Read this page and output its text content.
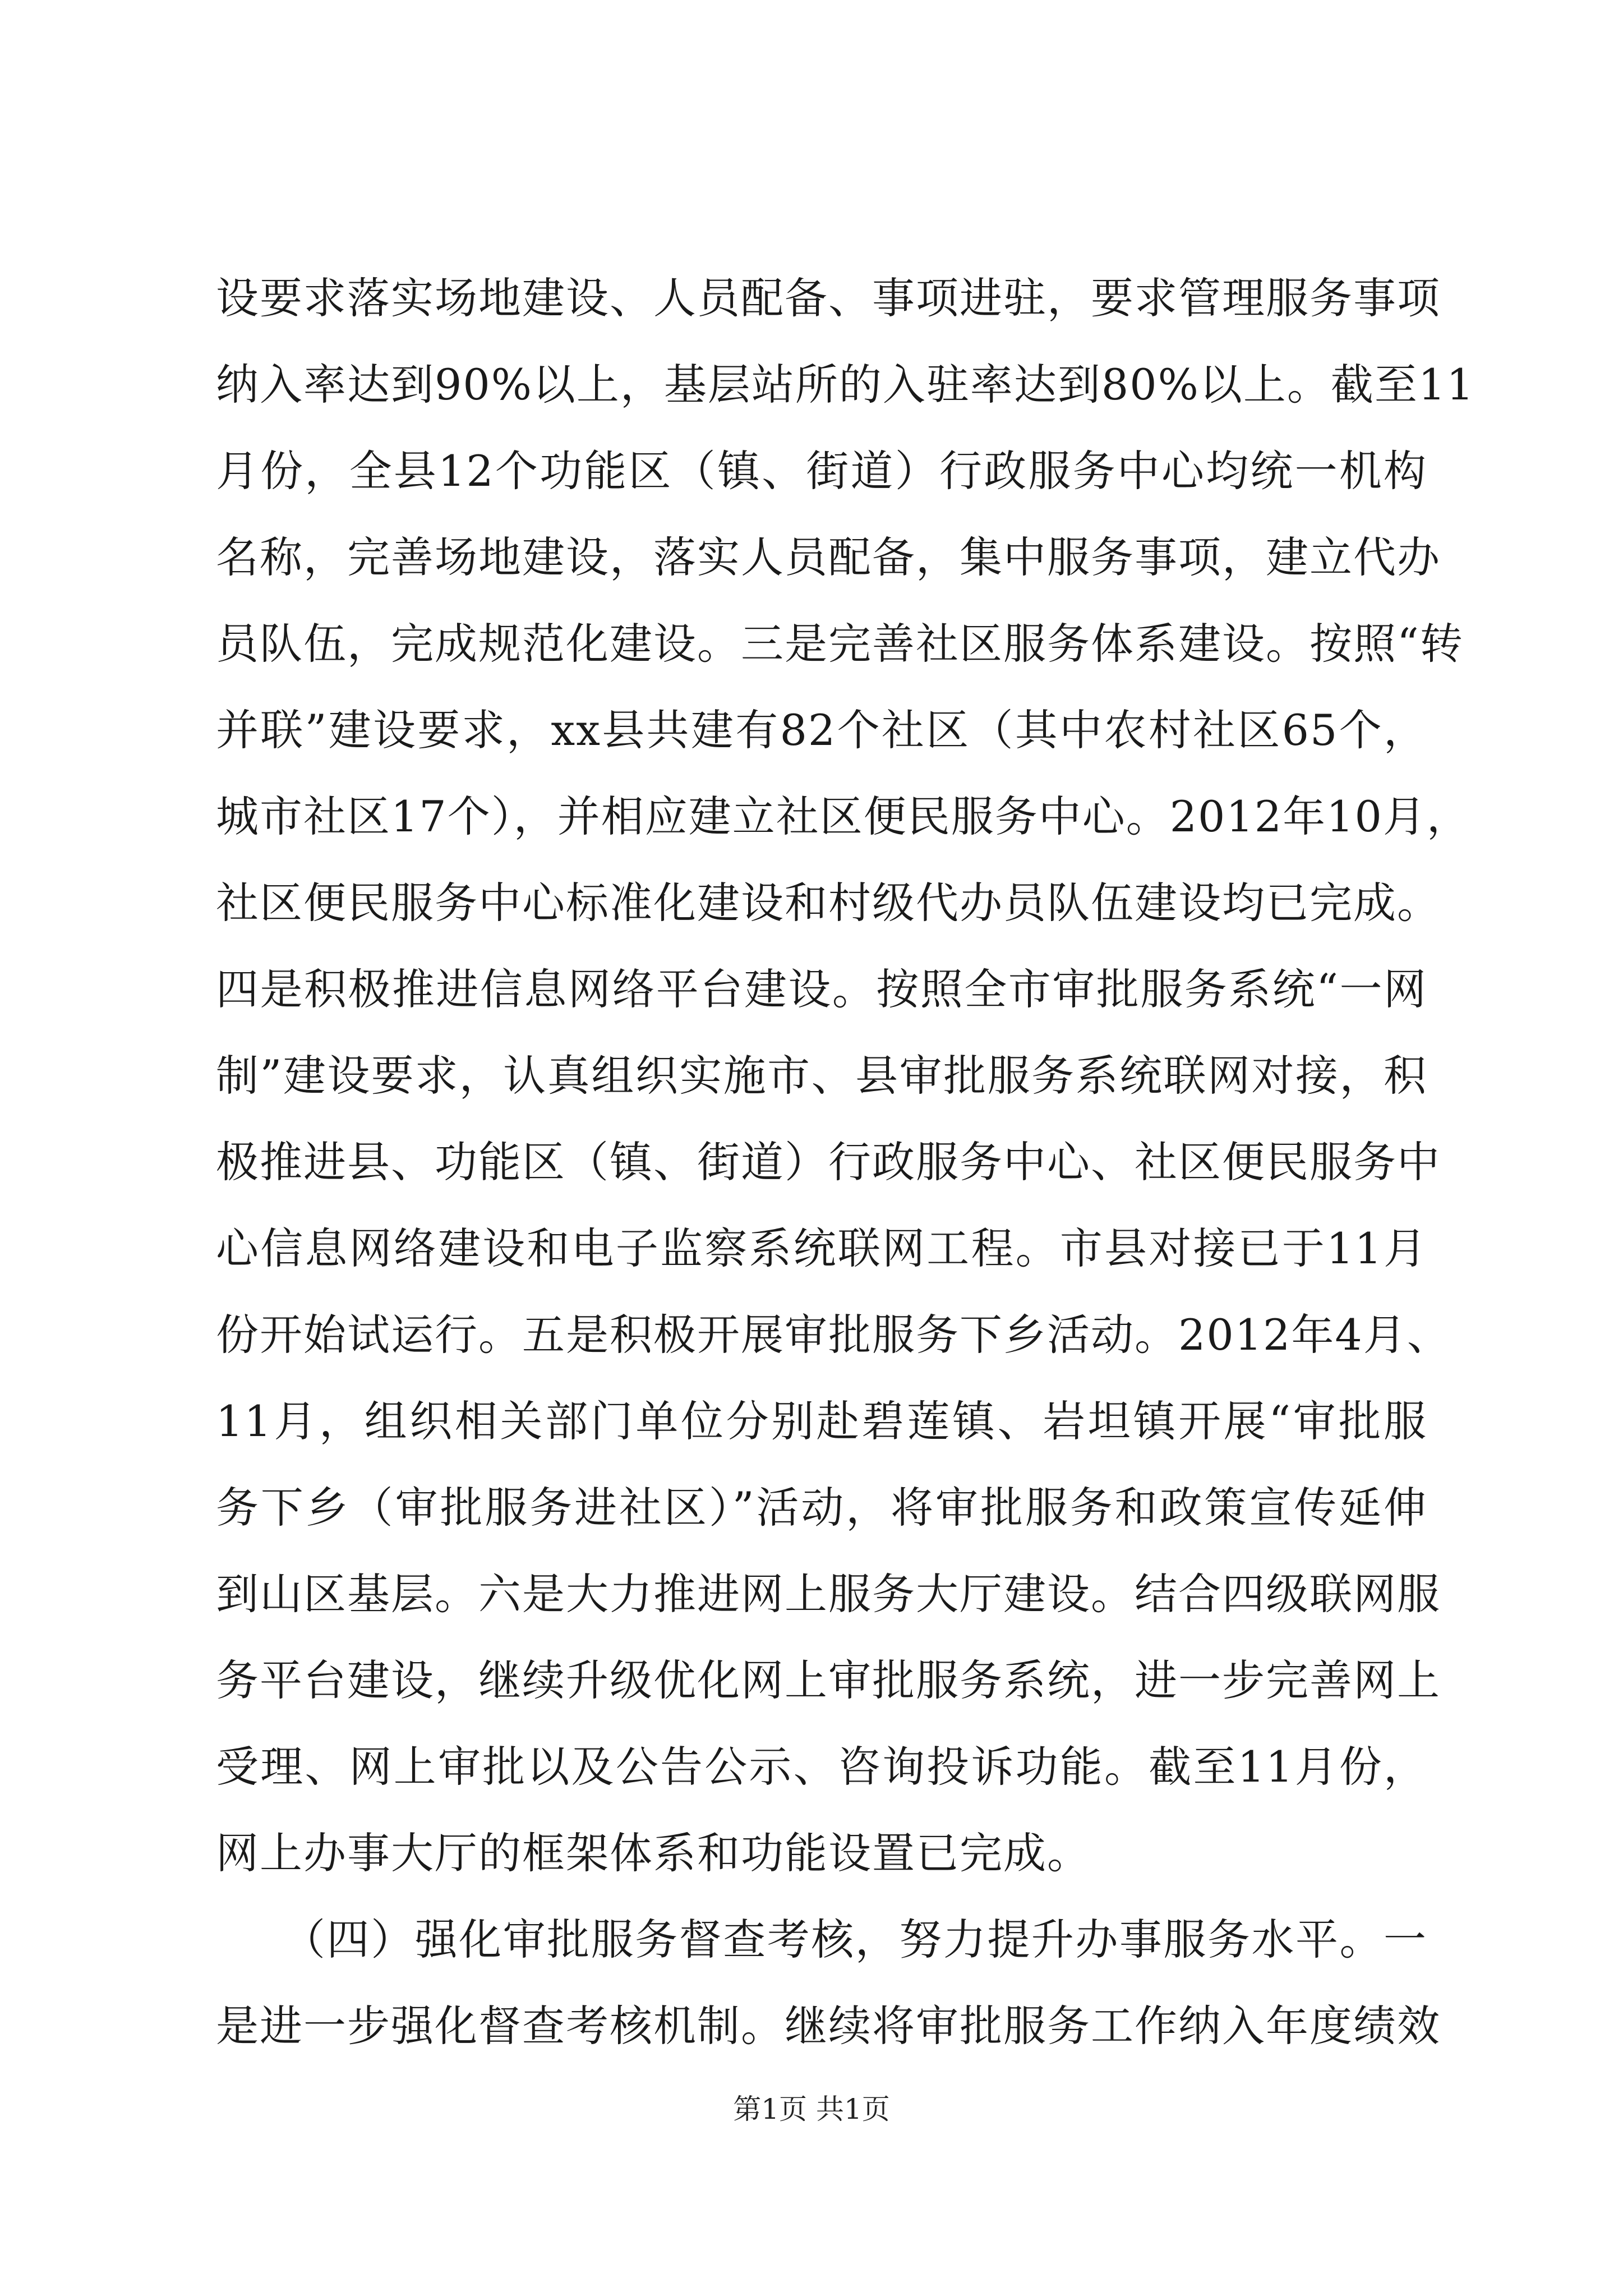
设要求落实场地建设、人员配备、事项进驻，要求管理服务事项
纳入率达到90%以上，基层站所的入驻率达到80%以上。截至11
月份，全县12个功能区（镇、街道）行政服务中心均统一机构
名称，完善场地建设，落实人员配备，集中服务事项，建立代办
员队伍，完成规范化建设。三是完善社区服务体系建设。按照“转
并联”建设要求，xx县共建有82个社区（其中农村社区65个，
城市社区17个），并相应建立社区便民服务中心。2012年10月，
社区便民服务中心标准化建设和村级代办员队伍建设均已完成。
四是积极推进信息网络平台建设。按照全市审批服务系统“一网
制”建设要求，认真组织实施市、县审批服务系统联网对接，积
极推进县、功能区（镇、街道）行政服务中心、社区便民服务中
心信息网络建设和电子监察系统联网工程。市县对接已于11月
份开始试运行。五是积极开展审批服务下乡活动。2012年4月、
11月，组织相关部门单位分别赴碧莲镇、岩坦镇开展“审批服
务下乡（审批服务进社区）”活动，将审批服务和政策宣传延伸
到山区基层。六是大力推进网上服务大厅建设。结合四级联网服
务平台建设，继续升级优化网上审批服务系统，进一步完善网上
受理、网上审批以及公告公示、咨询投诉功能。截至11月份，
网上办事大厅的框架体系和功能设置已完成。
　　（四）强化审批服务督查考核，努力提升办事服务水平。一
是进一步强化督查考核机制。继续将审批服务工作纳入年度绩效
第1页 共1页
